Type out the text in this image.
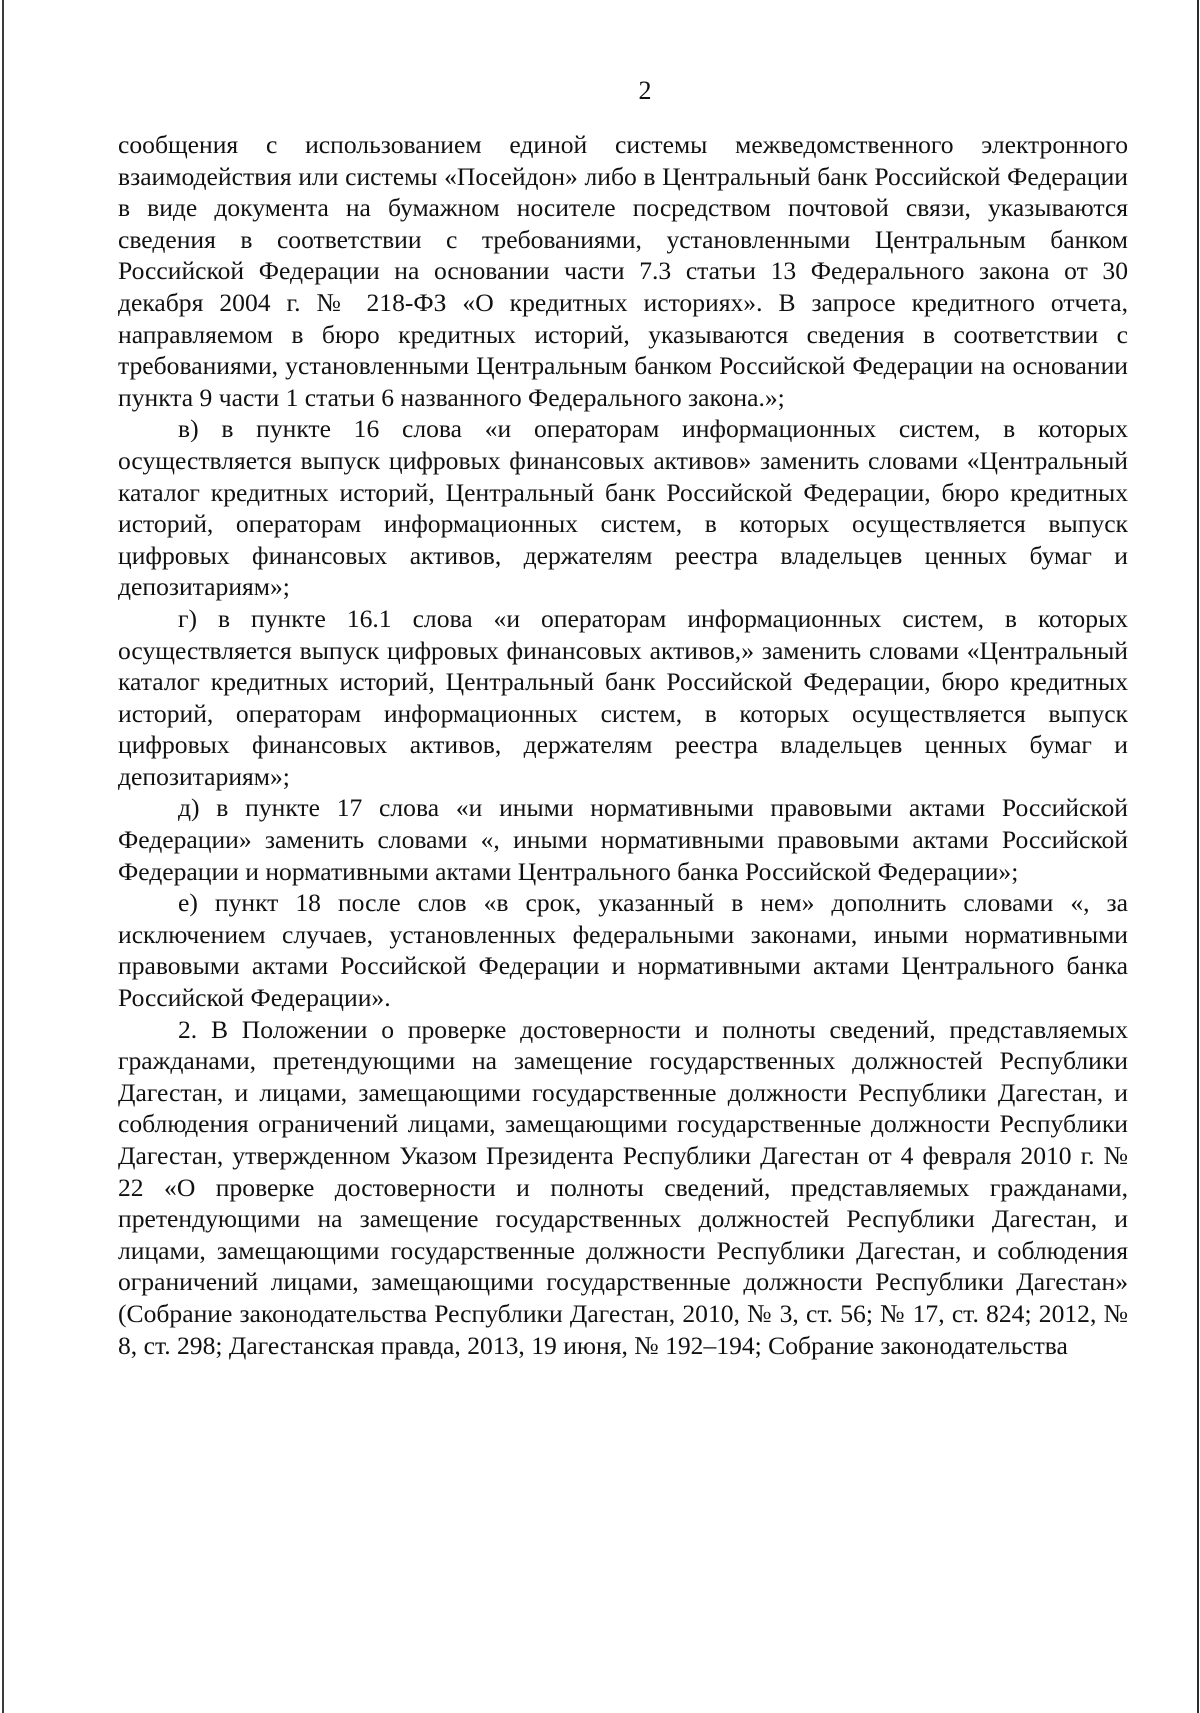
2

сообщения с использованием единой системы межведомственного электронного взаимодействия или системы «Посейдон» либо в Центральный банк Российской Федерации в виде документа на бумажном носителе посредством почтовой связи, указываются сведения в соответствии с требованиями, установленными Центральным банком Российской Федерации на основании части 7.3 статьи 13 Федерального закона от 30 декабря 2004 г. № 218-ФЗ «О кредитных историях». В запросе кредитного отчета, направляемом в бюро кредитных историй, указываются сведения в соответствии с требованиями, установленными Центральным банком Российской Федерации на основании пункта 9 части 1 статьи 6 названного Федерального закона.»;

в) в пункте 16 слова «и операторам информационных систем, в которых осуществляется выпуск цифровых финансовых активов» заменить словами «Центральный каталог кредитных историй, Центральный банк Российской Федерации, бюро кредитных историй, операторам информационных систем, в которых осуществляется выпуск цифровых финансовых активов, держателям реестра владельцев ценных бумаг и депозитариям»;

г) в пункте 16.1 слова «и операторам информационных систем, в которых осуществляется выпуск цифровых финансовых активов,» заменить словами «Центральный каталог кредитных историй, Центральный банк Российской Федерации, бюро кредитных историй, операторам информационных систем, в которых осуществляется выпуск цифровых финансовых активов, держателям реестра владельцев ценных бумаг и депозитариям»;

д) в пункте 17 слова «и иными нормативными правовыми актами Российской Федерации» заменить словами «, иными нормативными правовыми актами Российской Федерации и нормативными актами Центрального банка Российской Федерации»;

е) пункт 18 после слов «в срок, указанный в нем» дополнить словами «, за исключением случаев, установленных федеральными законами, иными нормативными правовыми актами Российской Федерации и нормативными актами Центрального банка Российской Федерации».

2. В Положении о проверке достоверности и полноты сведений, представляемых гражданами, претендующими на замещение государственных должностей Республики Дагестан, и лицами, замещающими государственные должности Республики Дагестан, и соблюдения ограничений лицами, замещающими государственные должности Республики Дагестан, утвержденном Указом Президента Республики Дагестан от 4 февраля 2010 г. № 22 «О проверке достоверности и полноты сведений, представляемых гражданами, претендующими на замещение государственных должностей Республики Дагестан, и лицами, замещающими государственные должности Республики Дагестан, и соблюдения ограничений лицами, замещающими государственные должности Республики Дагестан» (Собрание законодательства Республики Дагестан, 2010, № 3, ст. 56; № 17, ст. 824; 2012, № 8, ст. 298; Дагестанская правда, 2013, 19 июня, № 192–194; Собрание законодательства
